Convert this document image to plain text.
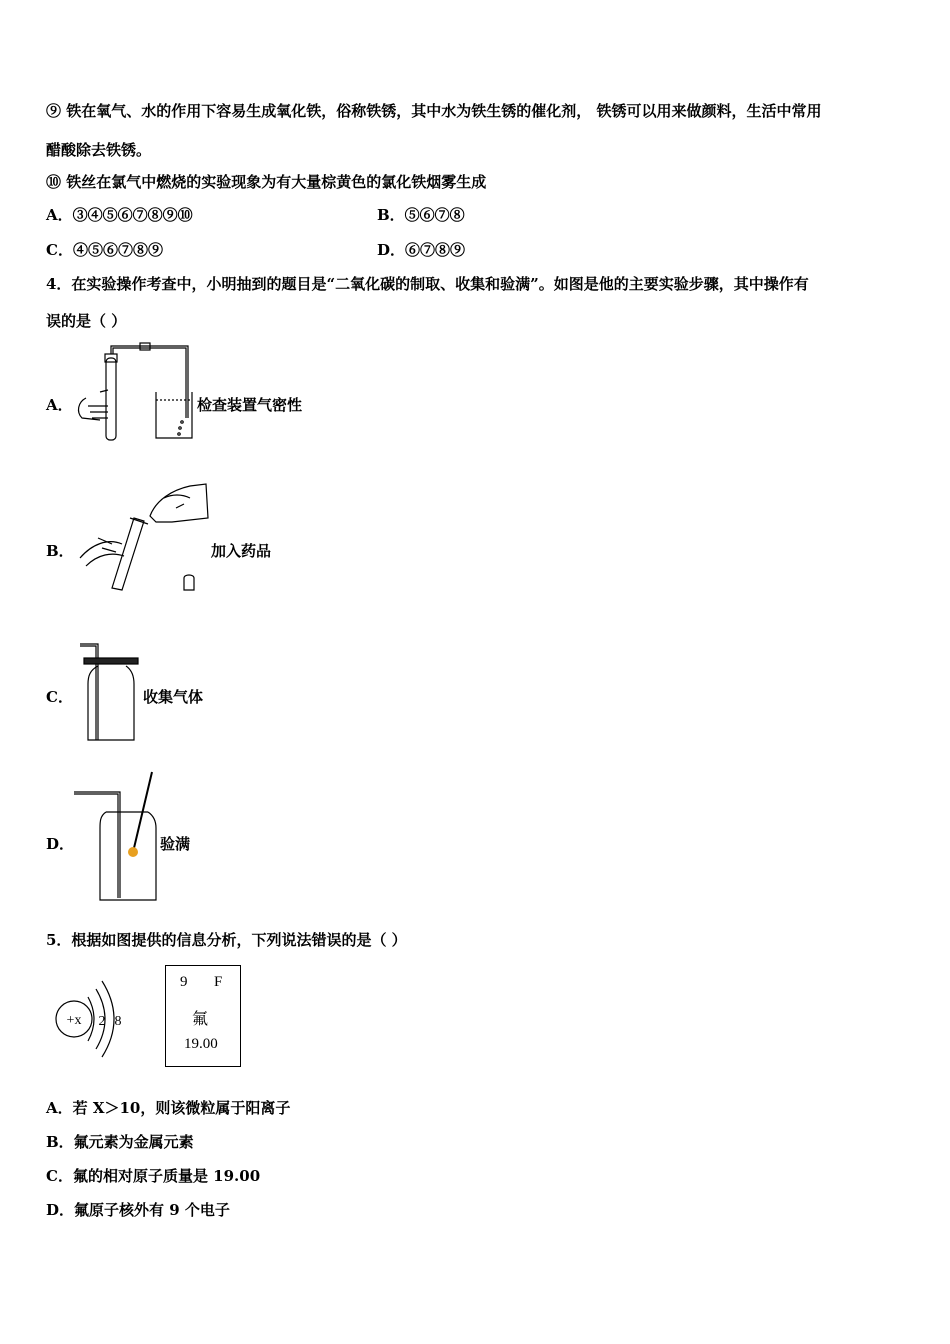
⑨ 铁在氧气、水的作用下容易生成氧化铁，俗称铁锈，其中水为铁生锈的催化剂， 铁锈可以用来做颜料，生活中常用
醋酸除去铁锈。
⑩ 铁丝在氯气中燃烧的实验现象为有大量棕黄色的氯化铁烟雾生成
A．③④⑤⑥⑦⑧⑨⑩	B．⑤⑥⑦⑧
C．④⑤⑥⑦⑧⑨	D．⑥⑦⑧⑨
4．在实验操作考查中，小明抽到的题目是“二氧化碳的制取、收集和验满”。如图是他的主要实验步骤，其中操作有
误的是（ ）
A．	检查装置气密性
B．	加入药品
C．	收集气体
D．	验满
5．根据如图提供的信息分析，下列说法错误的是（ ）
+x 2 8
9 F
氟
19.00
A．若 X＞10，则该微粒属于阳离子
B．氟元素为金属元素
C．氟的相对原子质量是 19.00
D．氟原子核外有 9 个电子
